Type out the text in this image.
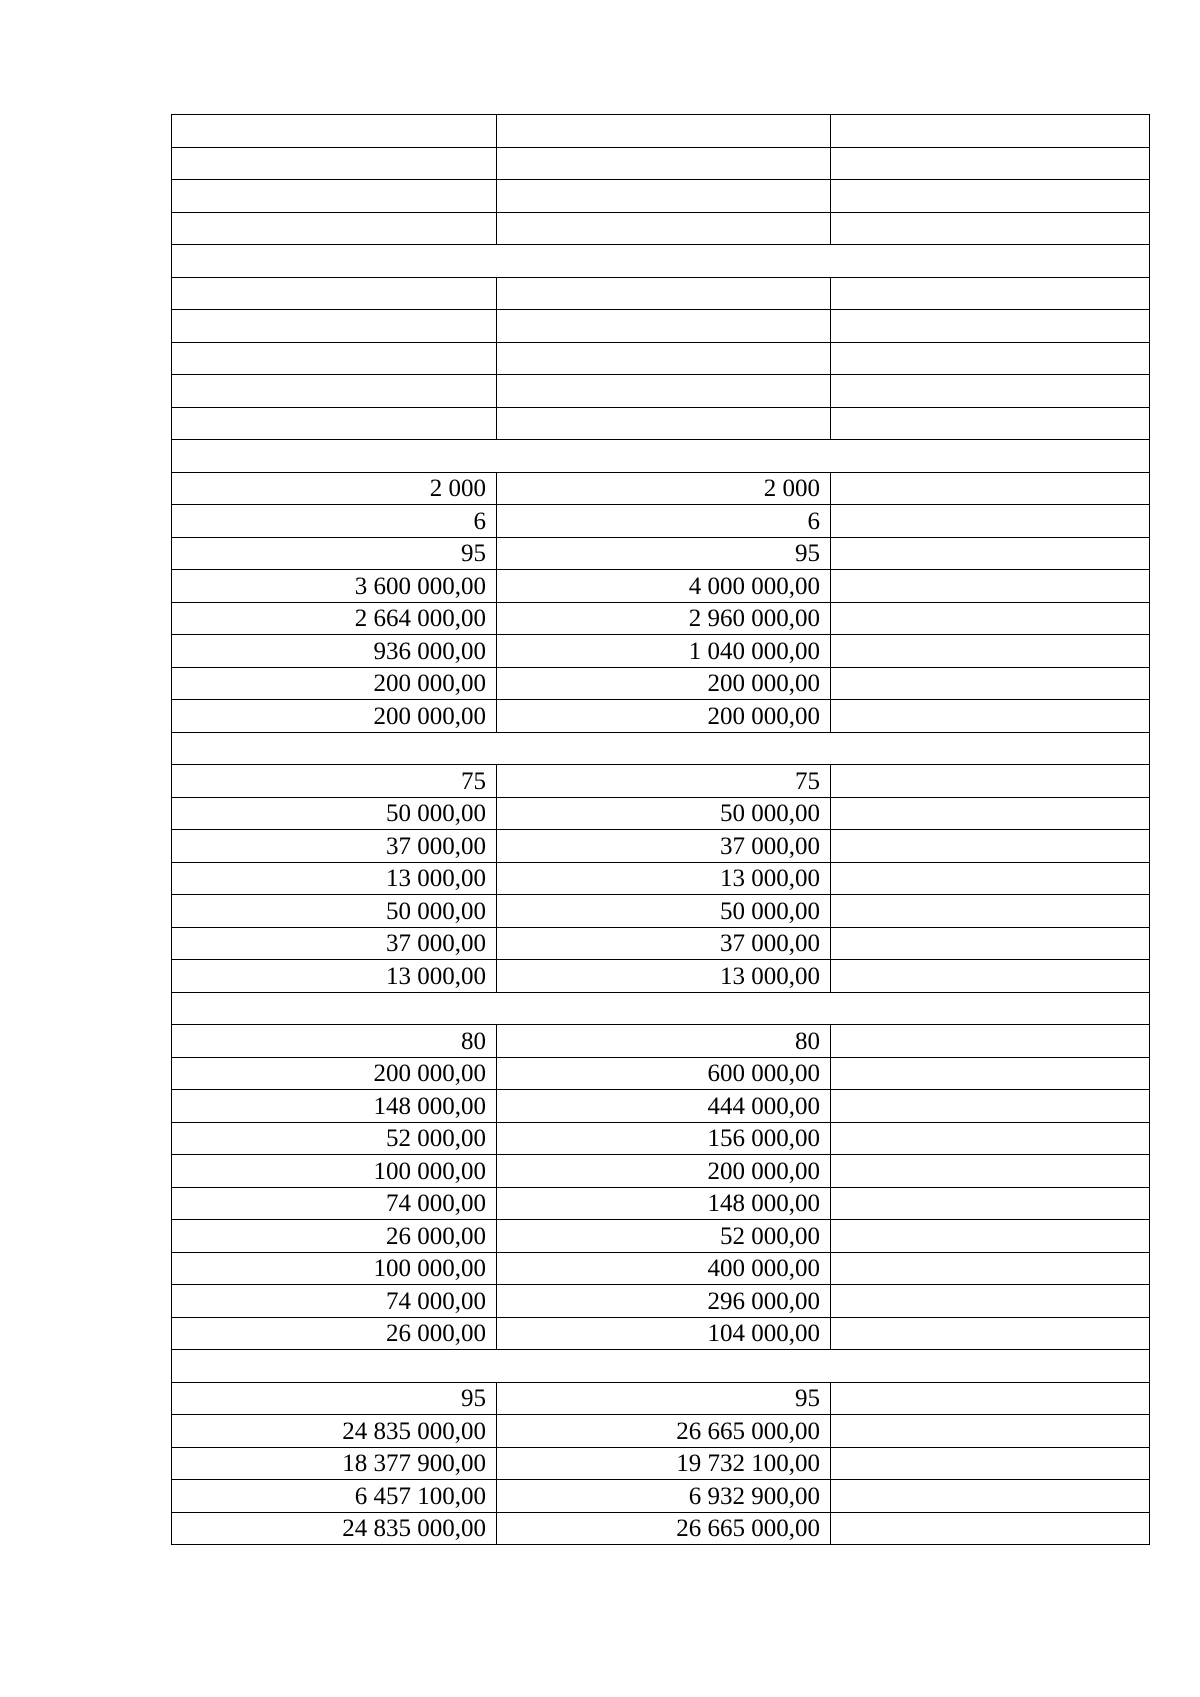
2 000	2 000	
6	6	
95	95	
3 600 000,00	4 000 000,00	
2 664 000,00	2 960 000,00	
936 000,00	1 040 000,00	
200 000,00	200 000,00	
200 000,00	200 000,00	

75	75	
50 000,00	50 000,00	
37 000,00	37 000,00	
13 000,00	13 000,00	
50 000,00	50 000,00	
37 000,00	37 000,00	
13 000,00	13 000,00	

80	80	
200 000,00	600 000,00	
148 000,00	444 000,00	
52 000,00	156 000,00	
100 000,00	200 000,00	
74 000,00	148 000,00	
26 000,00	52 000,00	
100 000,00	400 000,00	
74 000,00	296 000,00	
26 000,00	104 000,00	

95	95	
24 835 000,00	26 665 000,00	
18 377 900,00	19 732 100,00	
6 457 100,00	6 932 900,00	
24 835 000,00	26 665 000,00	
